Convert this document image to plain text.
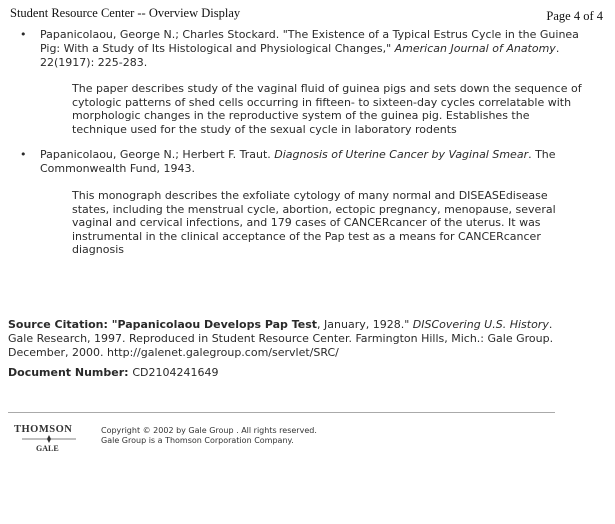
Student Resource Center -- Overview Display	Page 4 of 4
• Papanicolaou, George N.; Charles Stockard. "The Existence of a Typical Estrus Cycle in the Guinea Pig: With a Study of Its Histological and Physiological Changes," American Journal of Anatomy. 22(1917): 225-283.
The paper describes study of the vaginal fluid of guinea pigs and sets down the sequence of cytologic patterns of shed cells occurring in fifteen- to sixteen-day cycles correlatable with morphologic changes in the reproductive system of the guinea pig. Establishes the technique used for the study of the sexual cycle in laboratory rodents
• Papanicolaou, George N.; Herbert F. Traut. Diagnosis of Uterine Cancer by Vaginal Smear. The Commonwealth Fund, 1943.
This monograph describes the exfoliate cytology of many normal and DISEASEdisease states, including the menstrual cycle, abortion, ectopic pregnancy, menopause, several vaginal and cervical infections, and 179 cases of CANCERcancer of the uterus. It was instrumental in the clinical acceptance of the Pap test as a means for CANCERcancer diagnosis
Source Citation: "Papanicolaou Develops Pap Test, January, 1928." DISCovering U.S. History. Gale Research, 1997. Reproduced in Student Resource Center. Farmington Hills, Mich.: Gale Group. December, 2000. http://galenet.galegroup.com/servlet/SRC/
Document Number: CD2104241649
THOMSON
GALE
Copyright © 2002 by Gale Group . All rights reserved.
Gale Group is a Thomson Corporation Company.
